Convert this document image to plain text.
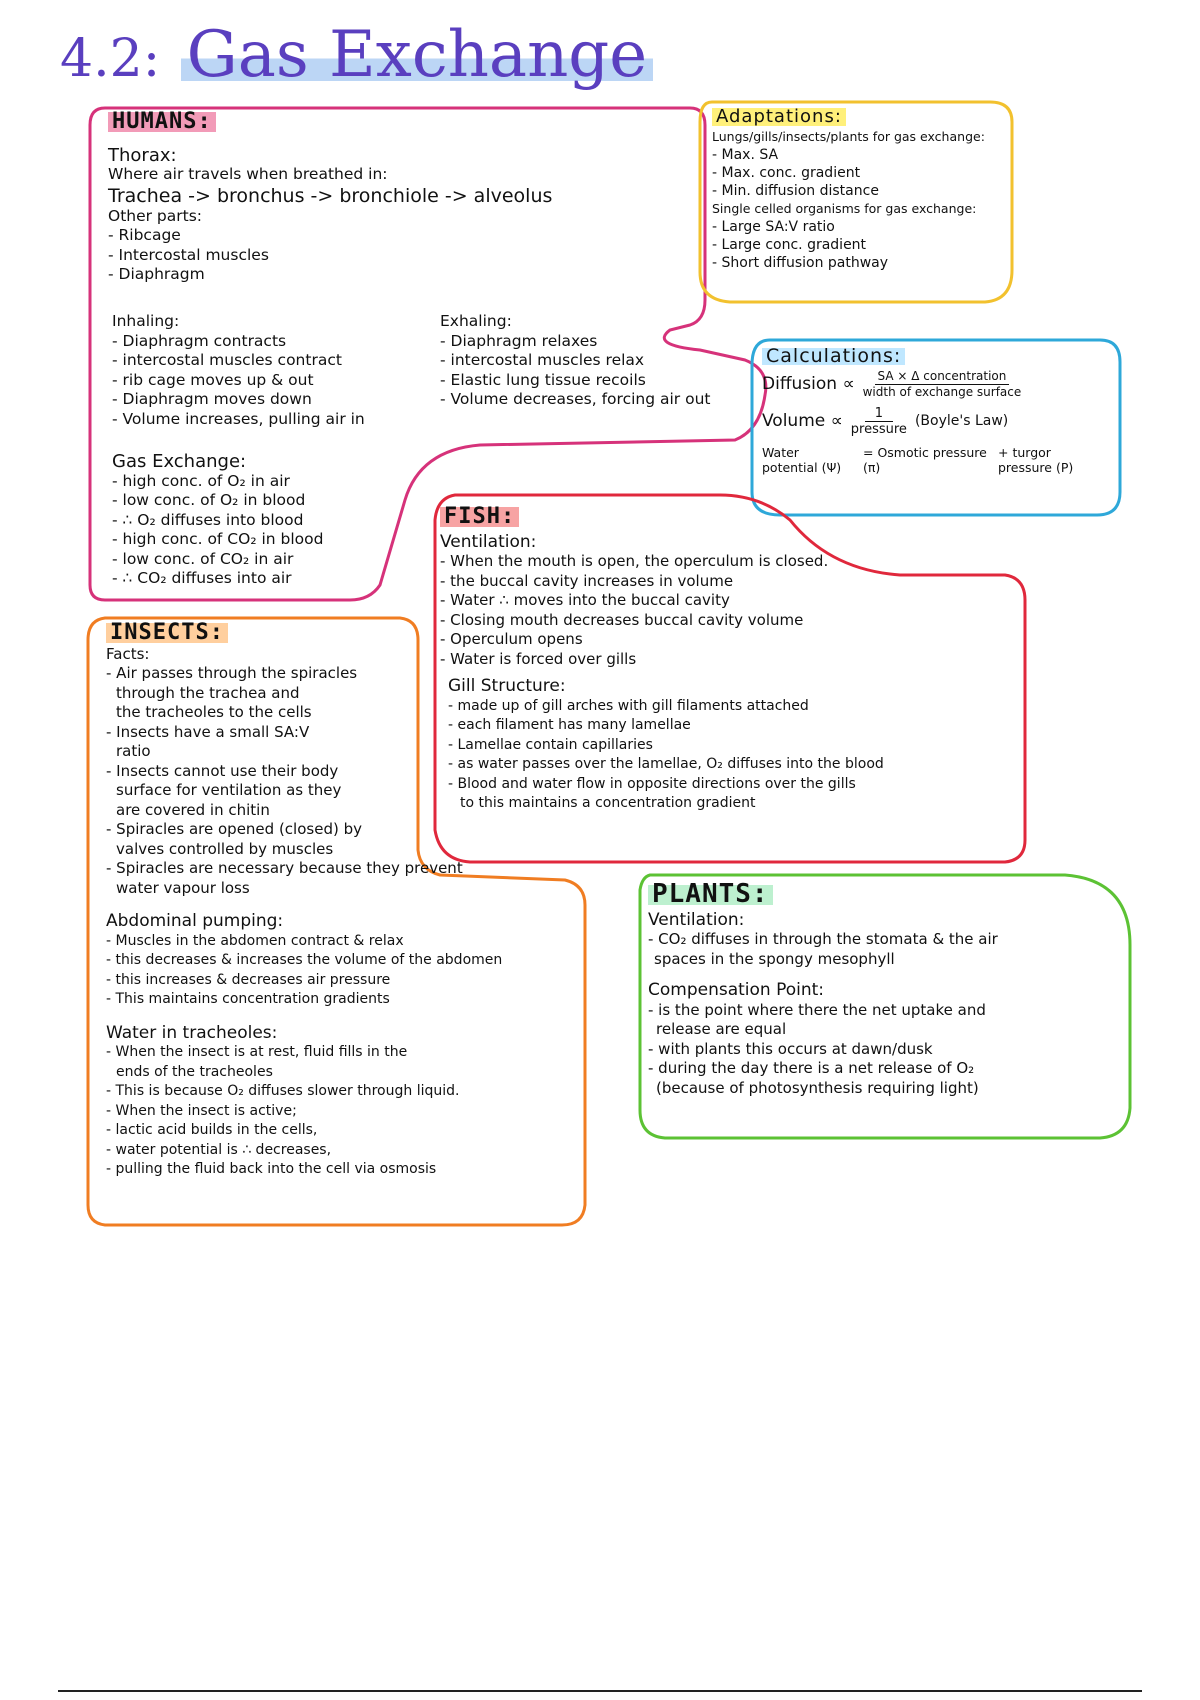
4.2: Gas Exchange
HUMANS:
Thorax:
Where air travels when breathed in:
Trachea -> bronchus -> bronchiole -> alveolus
Other parts:
- Ribcage
- Intercostal muscles
- Diaphragm
Inhaling:
- Diaphragm contracts
- intercostal muscles contract
- rib cage moves up & out
- Diaphragm moves down
- Volume increases, pulling air in
Exhaling:
- Diaphragm relaxes
- intercostal muscles relax
- Elastic lung tissue recoils
- Volume decreases, forcing air out
Gas Exchange:
- high conc. of O₂ in air
- low conc. of O₂ in blood
- ∴ O₂ diffuses into blood
- high conc. of CO₂ in blood
- low conc. of CO₂ in air
- ∴ CO₂ diffuses into air
Adaptations:
Lungs/gills/insects/plants for gas exchange:
- Max. SA
- Max. conc. gradient
- Min. diffusion distance
Single celled organisms for gas exchange:
- Large SA:V ratio
- Large conc. gradient
- Short diffusion pathway
Calculations:
Diffusion ∝ SA × Δ concentration
width of exchange surface
Volume ∝	1
pressure
(Boyle's Law)
Water potential (Ψ)
= Osmotic pressure (π)
+ turgor pressure (P)
FISH:
Ventilation:
- When the mouth is open, the operculum is closed.
- the buccal cavity increases in volume
- Water ∴ moves into the buccal cavity
- Closing mouth decreases buccal cavity volume
- Operculum opens
- Water is forced over gills
Gill Structure:
- made up of gill arches with gill filaments attached
- each filament has many lamellae
- Lamellae contain capillaries
- as water passes over the lamellae, O₂ diffuses into the blood
- Blood and water flow in opposite directions over the gills
to this maintains a concentration gradient
INSECTS:
Facts:
- Air passes through the spiracles
through the trachea and
the tracheoles to the cells
- Insects have a small SA:V
ratio
- Insects cannot use their body
surface for ventilation as they
are covered in chitin
- Spiracles are opened (closed) by
valves controlled by muscles
- Spiracles are necessary because they prevent
water vapour loss
Abdominal pumping:
- Muscles in the abdomen contract & relax
- this decreases & increases the volume of the abdomen
- this increases & decreases air pressure
- This maintains concentration gradients
Water in tracheoles:
- When the insect is at rest, fluid fills in the
ends of the tracheoles
- This is because O₂ diffuses slower through liquid.
- When the insect is active;
- lactic acid builds in the cells,
- water potential is ∴ decreases,
- pulling the fluid back into the cell via osmosis
PLANTS:
Ventilation:
- CO₂ diffuses in through the stomata & the air
spaces in the spongy mesophyll
Compensation Point:
- is the point where there the net uptake and
release are equal
- with plants this occurs at dawn/dusk
- during the day there is a net release of O₂
(because of photosynthesis requiring light)
